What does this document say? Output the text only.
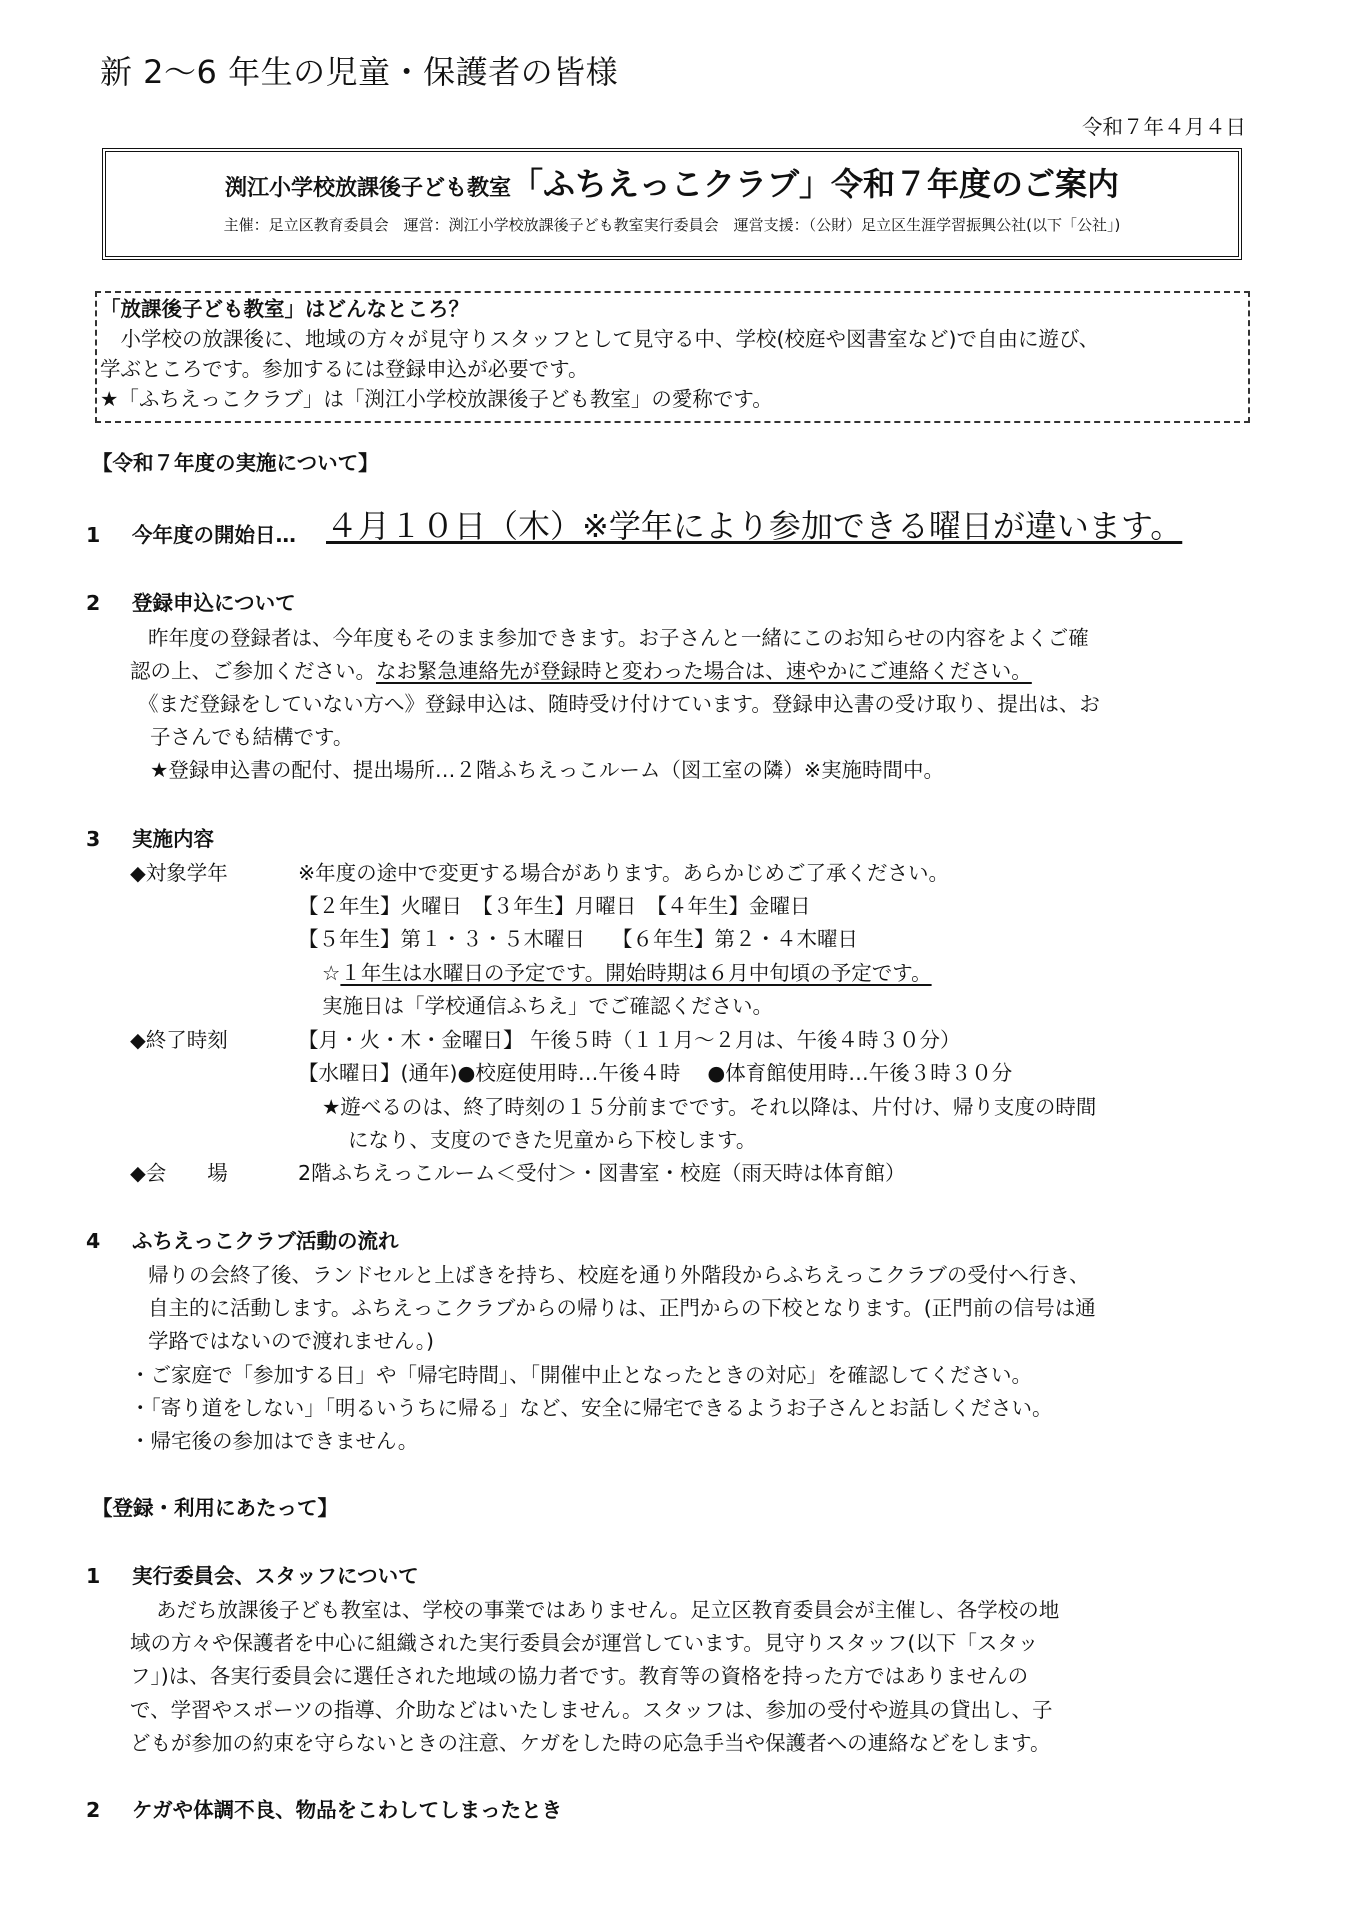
新 2〜6 年生の児童・保護者の皆様
令和７年４月４日
渕江小学校放課後子ども教室「ふちえっこクラブ」令和７年度のご案内
主催：足立区教育委員会　運営：渕江小学校放課後子ども教室実行委員会　運営支援：（公財）足立区生涯学習振興公社(以下「公社」)
「放課後子ども教室」はどんなところ？
　小学校の放課後に、地域の方々が見守りスタッフとして見守る中、学校(校庭や図書室など)で自由に遊び、
学ぶところです。参加するには登録申込が必要です。
★「ふちえっこクラブ」は「渕江小学校放課後子ども教室」の愛称です。
【令和７年度の実施について】
1 今年度の開始日… ４月１０日（木）※学年により参加できる曜日が違います。
2 登録申込について
昨年度の登録者は、今年度もそのまま参加できます。お子さんと一緒にこのお知らせの内容をよくご確
認の上、ご参加ください。なお緊急連絡先が登録時と変わった場合は、速やかにご連絡ください。
《まだ登録をしていない方へ》登録申込は、随時受け付けています。登録申込書の受け取り、提出は、お
子さんでも結構です。
★登録申込書の配付、提出場所…２階ふちえっこルーム（図工室の隣）※実施時間中。
3 実施内容
◆対象学年	※年度の途中で変更する場合があります。あらかじめご了承ください。
【２年生】火曜日　【３年生】月曜日　【４年生】金曜日
【５年生】第１・３・５木曜日　 【６年生】第２・４木曜日
☆１年生は水曜日の予定です。開始時期は６月中旬頃の予定です。
実施日は「学校通信ふちえ」でご確認ください。
◆終了時刻	【月・火・木・金曜日】 午後５時（１１月〜２月は、午後４時３０分）
【水曜日】(通年)●校庭使用時…午後４時　 ●体育館使用時…午後３時３０分
★遊べるのは、終了時刻の１５分前までです。それ以降は、片付け、帰り支度の時間
になり、支度のできた児童から下校します。
◆会　　場	2階ふちえっこルーム＜受付＞・図書室・校庭（雨天時は体育館）
4 ふちえっこクラブ活動の流れ
帰りの会終了後、ランドセルと上ばきを持ち、校庭を通り外階段からふちえっこクラブの受付へ行き、
自主的に活動します。ふちえっこクラブからの帰りは、正門からの下校となります。(正門前の信号は通
学路ではないので渡れません。)
・ご家庭で「参加する日」や「帰宅時間」、「開催中止となったときの対応」を確認してください。
・「寄り道をしない」「明るいうちに帰る」など、安全に帰宅できるようお子さんとお話しください。
・帰宅後の参加はできません。
【登録・利用にあたって】
1 実行委員会、スタッフについて
あだち放課後子ども教室は、学校の事業ではありません。足立区教育委員会が主催し、各学校の地
域の方々や保護者を中心に組織された実行委員会が運営しています。見守りスタッフ(以下「スタッ
フ」)は、各実行委員会に選任された地域の協力者です。教育等の資格を持った方ではありませんの
で、学習やスポーツの指導、介助などはいたしません。スタッフは、参加の受付や遊具の貸出し、子
どもが参加の約束を守らないときの注意、ケガをした時の応急手当や保護者への連絡などをします。
2 ケガや体調不良、物品をこわしてしまったとき
